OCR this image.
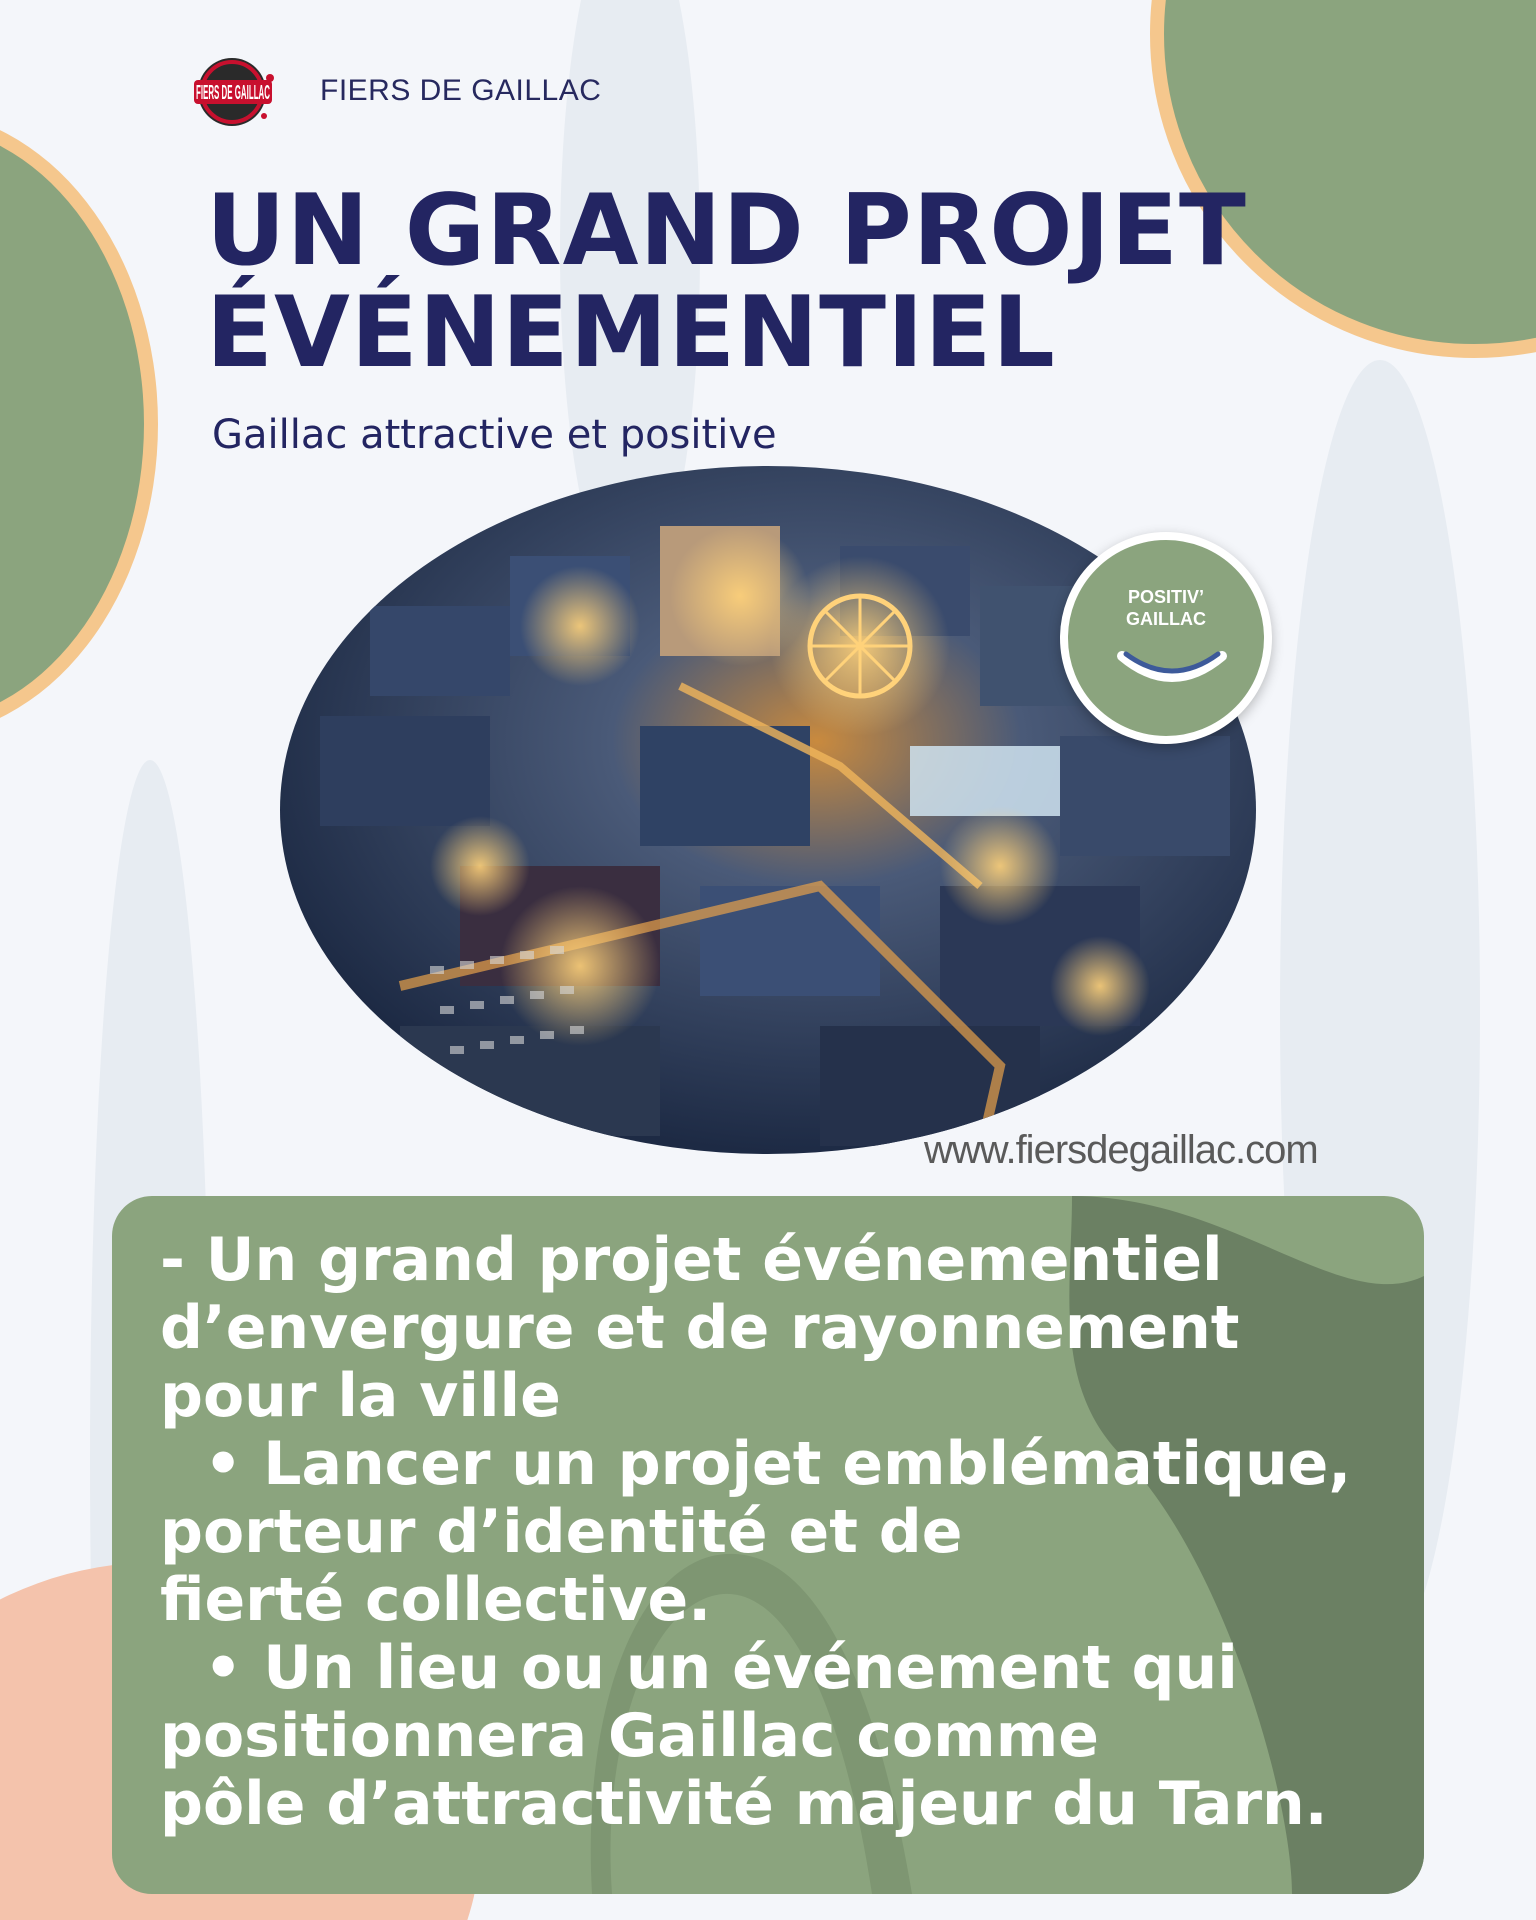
FIERS DE GAILLAC FIERS DE GAILLAC
UN GRAND PROJET
ÉVÉNEMENTIEL
Gaillac attractive et positive
POSITIV’
GAILLAC
www.fiersdegaillac.com
- Un grand projet événementiel
d’envergure et de rayonnement
pour la ville
• Lancer un projet emblématique,
porteur d’identité et de
fierté collective.
• Un lieu ou un événement qui
positionnera Gaillac comme
pôle d’attractivité majeur du Tarn.
